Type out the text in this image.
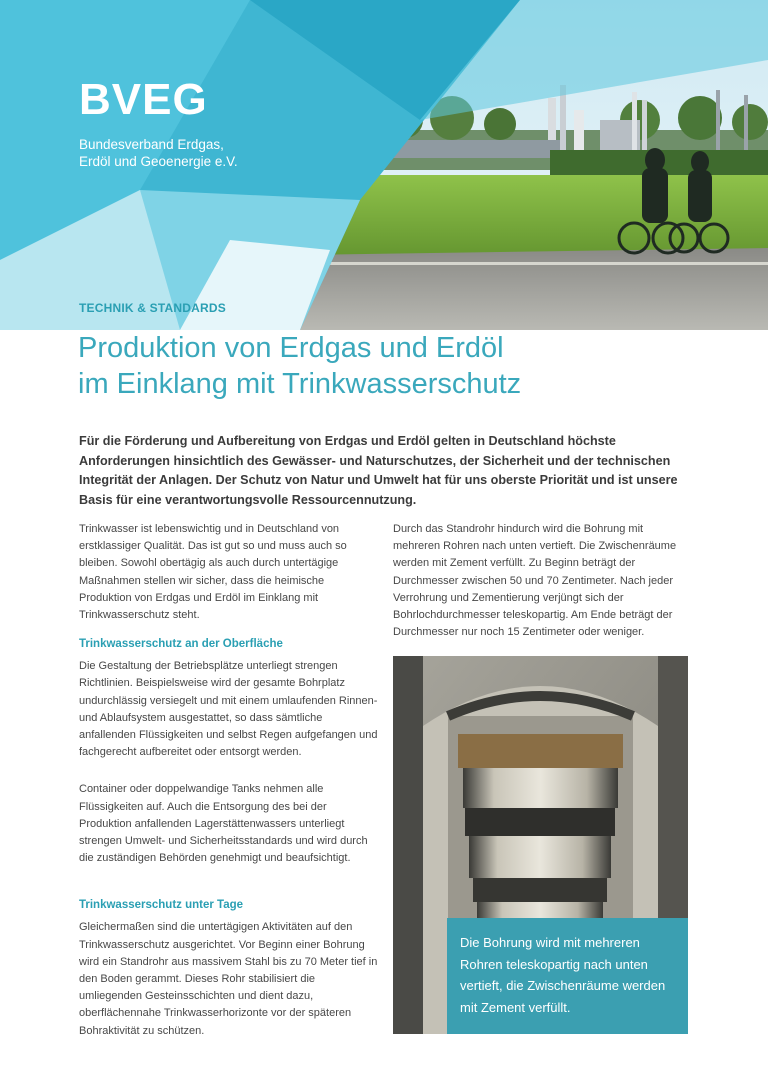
BVEG
Bundesverband Erdgas,
Erdöl und Geoenergie e.V.
TECHNIK & STANDARDS
Produktion von Erdgas und Erdöl
im Einklang mit Trinkwasserschutz

Für die Förderung und Aufbereitung von Erdgas und Erdöl gelten in Deutschland höchste Anforderungen hinsichtlich des Gewässer- und Naturschutzes, der Sicherheit und der technischen Integrität der Anlagen. Der Schutz von Natur und Umwelt hat für uns oberste Priorität und ist unsere Basis für eine verantwortungsvolle Ressourcennutzung.

Trinkwasser ist lebenswichtig und in Deutschland von erstklassiger Qualität. Das ist gut so und muss auch so bleiben. Sowohl obertägig als auch durch untertägige Maßnahmen stellen wir sicher, dass die heimische Produktion von Erdgas und Erdöl im Einklang mit Trinkwasserschutz steht.

Trinkwasserschutz an der Oberfläche

Die Gestaltung der Betriebsplätze unterliegt strengen Richtlinien. Beispielsweise wird der gesamte Bohrplatz undurchlässig versiegelt und mit einem umlaufenden Rinnen- und Ablaufsystem ausgestattet, so dass sämtliche anfallenden Flüssigkeiten und selbst Regen aufgefangen und fachgerecht aufbereitet oder entsorgt werden.

Container oder doppelwandige Tanks nehmen alle Flüssigkeiten auf. Auch die Entsorgung des bei der Produktion anfallenden Lagerstättenwassers unterliegt strengen Umwelt- und Sicherheitsstandards und wird durch die zuständigen Behörden genehmigt und beaufsichtigt.

Trinkwasserschutz unter Tage

Gleichermaßen sind die untertägigen Aktivitäten auf den Trinkwasserschutz ausgerichtet. Vor Beginn einer Bohrung wird ein Standrohr aus massivem Stahl bis zu 70 Meter tief in den Boden gerammt. Dieses Rohr stabilisiert die umliegenden Gesteinsschichten und dient dazu, oberflächennahe Trinkwasserhorizonte vor der späteren Bohraktivität zu schützen.

Durch das Standrohr hindurch wird die Bohrung mit mehreren Rohren nach unten vertieft. Die Zwischenräume werden mit Zement verfüllt. Zu Beginn beträgt der Durchmesser zwischen 50 und 70 Zentimeter. Nach jeder Verrohrung und Zementierung verjüngt sich der Bohrlochdurchmesser teleskopartig. Am Ende beträgt der Durchmesser nur noch 15 Zentimeter oder weniger.

Die Bohrung wird mit mehreren Rohren teleskopartig nach unten vertieft, die Zwischenräume werden mit Zement verfüllt.
